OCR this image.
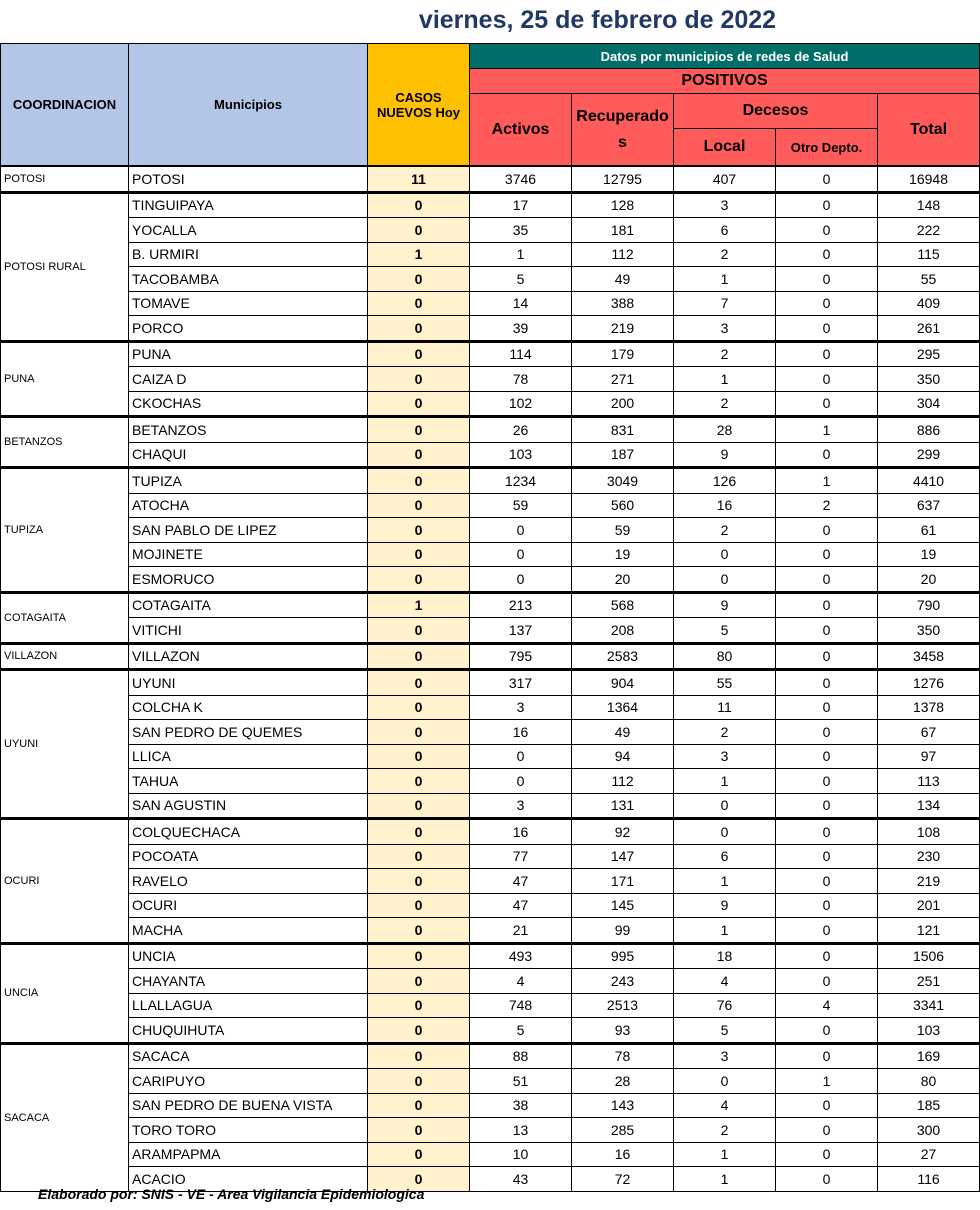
viernes, 25 de febrero de 2022
COORDINACION	Municipios	CASOS NUEVOS Hoy	Datos por municipios de redes de Salud				
			POSITIVOS				
			Activos	Recuperados	Decesos		Total
					Local	Otro Depto.	
POTOSI	POTOSI	11	3746	12795	407	0	16948
POTOSI RURAL	TINGUIPAYA	0	17	128	3	0	148
	YOCALLA	0	35	181	6	0	222
	B. URMIRI	1	1	112	2	0	115
	TACOBAMBA	0	5	49	1	0	55
	TOMAVE	0	14	388	7	0	409
	PORCO	0	39	219	3	0	261
PUNA	PUNA	0	114	179	2	0	295
	CAIZA D	0	78	271	1	0	350
	CKOCHAS	0	102	200	2	0	304
BETANZOS	BETANZOS	0	26	831	28	1	886
	CHAQUI	0	103	187	9	0	299
TUPIZA	TUPIZA	0	1234	3049	126	1	4410
	ATOCHA	0	59	560	16	2	637
	SAN PABLO DE LIPEZ	0	0	59	2	0	61
	MOJINETE	0	0	19	0	0	19
	ESMORUCO	0	0	20	0	0	20
COTAGAITA	COTAGAITA	1	213	568	9	0	790
	VITICHI	0	137	208	5	0	350
VILLAZON	VILLAZON	0	795	2583	80	0	3458
UYUNI	UYUNI	0	317	904	55	0	1276
	COLCHA K	0	3	1364	11	0	1378
	SAN PEDRO DE QUEMES	0	16	49	2	0	67
	LLICA	0	0	94	3	0	97
	TAHUA	0	0	112	1	0	113
	SAN AGUSTIN	0	3	131	0	0	134
OCURI	COLQUECHACA	0	16	92	0	0	108
	POCOATA	0	77	147	6	0	230
	RAVELO	0	47	171	1	0	219
	OCURI	0	47	145	9	0	201
	MACHA	0	21	99	1	0	121
UNCIA	UNCIA	0	493	995	18	0	1506
	CHAYANTA	0	4	243	4	0	251
	LLALLAGUA	0	748	2513	76	4	3341
	CHUQUIHUTA	0	5	93	5	0	103
SACACA	SACACA	0	88	78	3	0	169
	CARIPUYO	0	51	28	0	1	80
	SAN PEDRO DE BUENA VISTA	0	38	143	4	0	185
	TORO TORO	0	13	285	2	0	300
	ARAMPAPMA	0	10	16	1	0	27
	ACACIO	0	43	72	1	0	116
Elaborado por: SNIS - VE - Area Vigilancia Epidemiologica
